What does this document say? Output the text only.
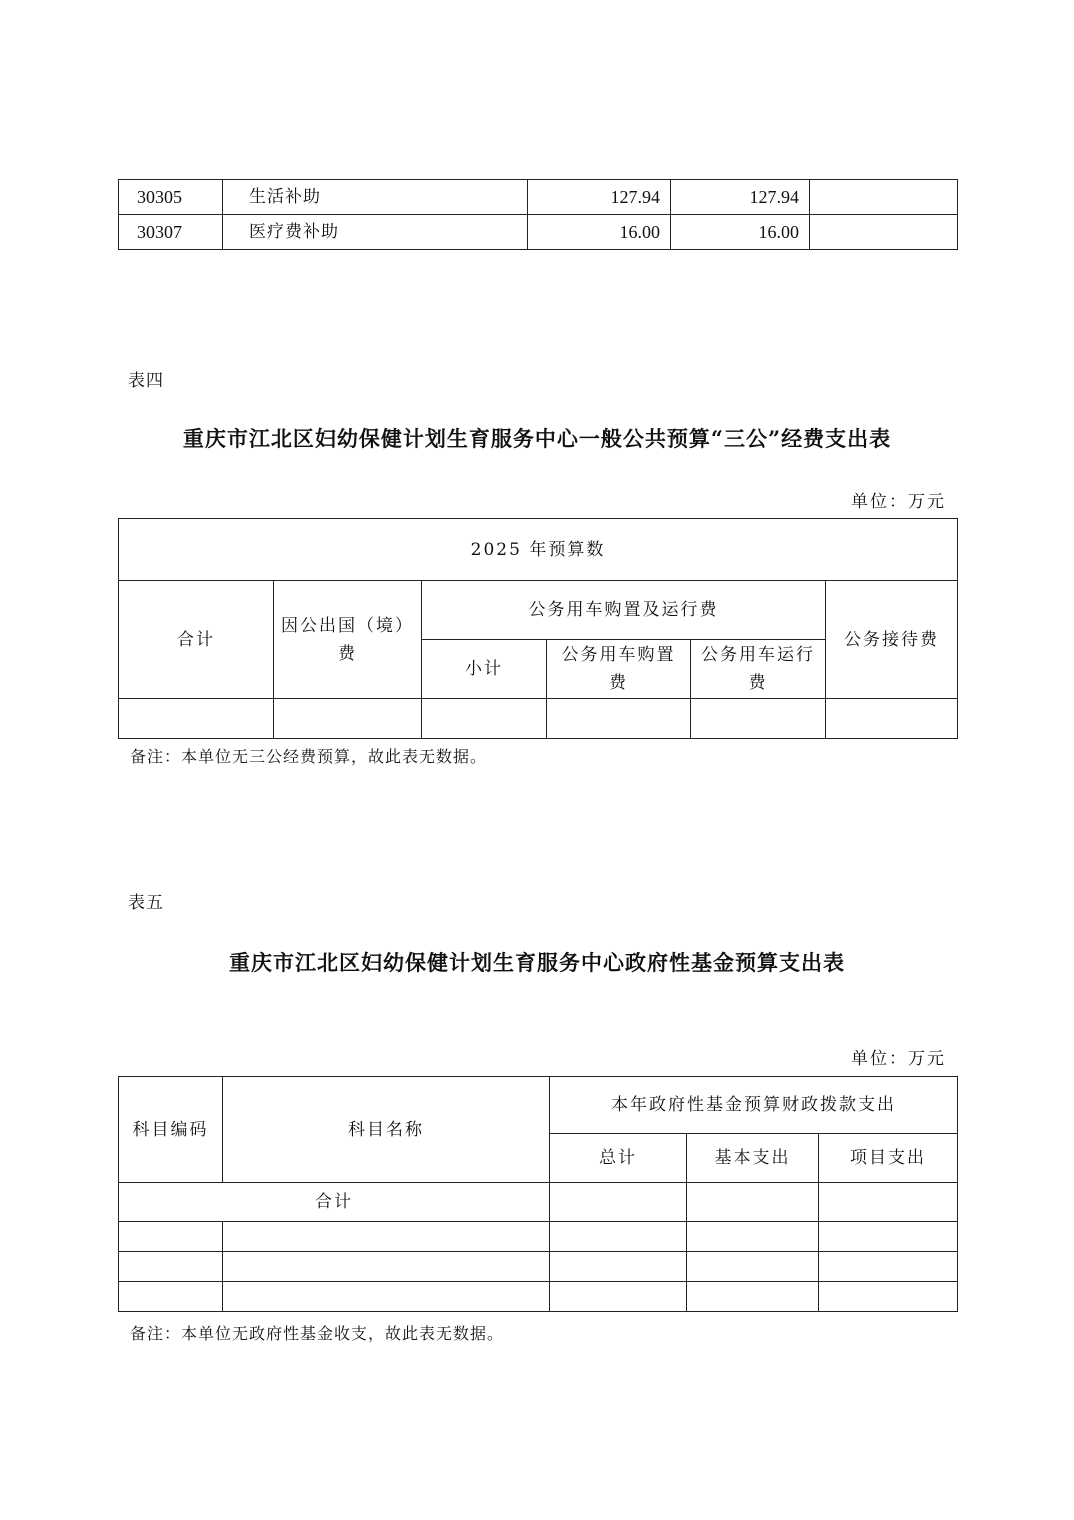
30305	生活补助	127.94	127.94	
30307	医疗费补助	16.00	16.00	
表四
重庆市江北区妇幼保健计划生育服务中心一般公共预算“三公”经费支出表
单位：万元
2025 年预算数					
合计	因公出国（境）费	公务用车购置及运行费			公务接待费
		小计	公务用车购置费	公务用车运行费	

备注：本单位无三公经费预算，故此表无数据。
表五
重庆市江北区妇幼保健计划生育服务中心政府性基金预算支出表
单位：万元
科目编码	科目名称	本年政府性基金预算财政拨款支出		
		总计	基本支出	项目支出
合计				

备注：本单位无政府性基金收支，故此表无数据。
